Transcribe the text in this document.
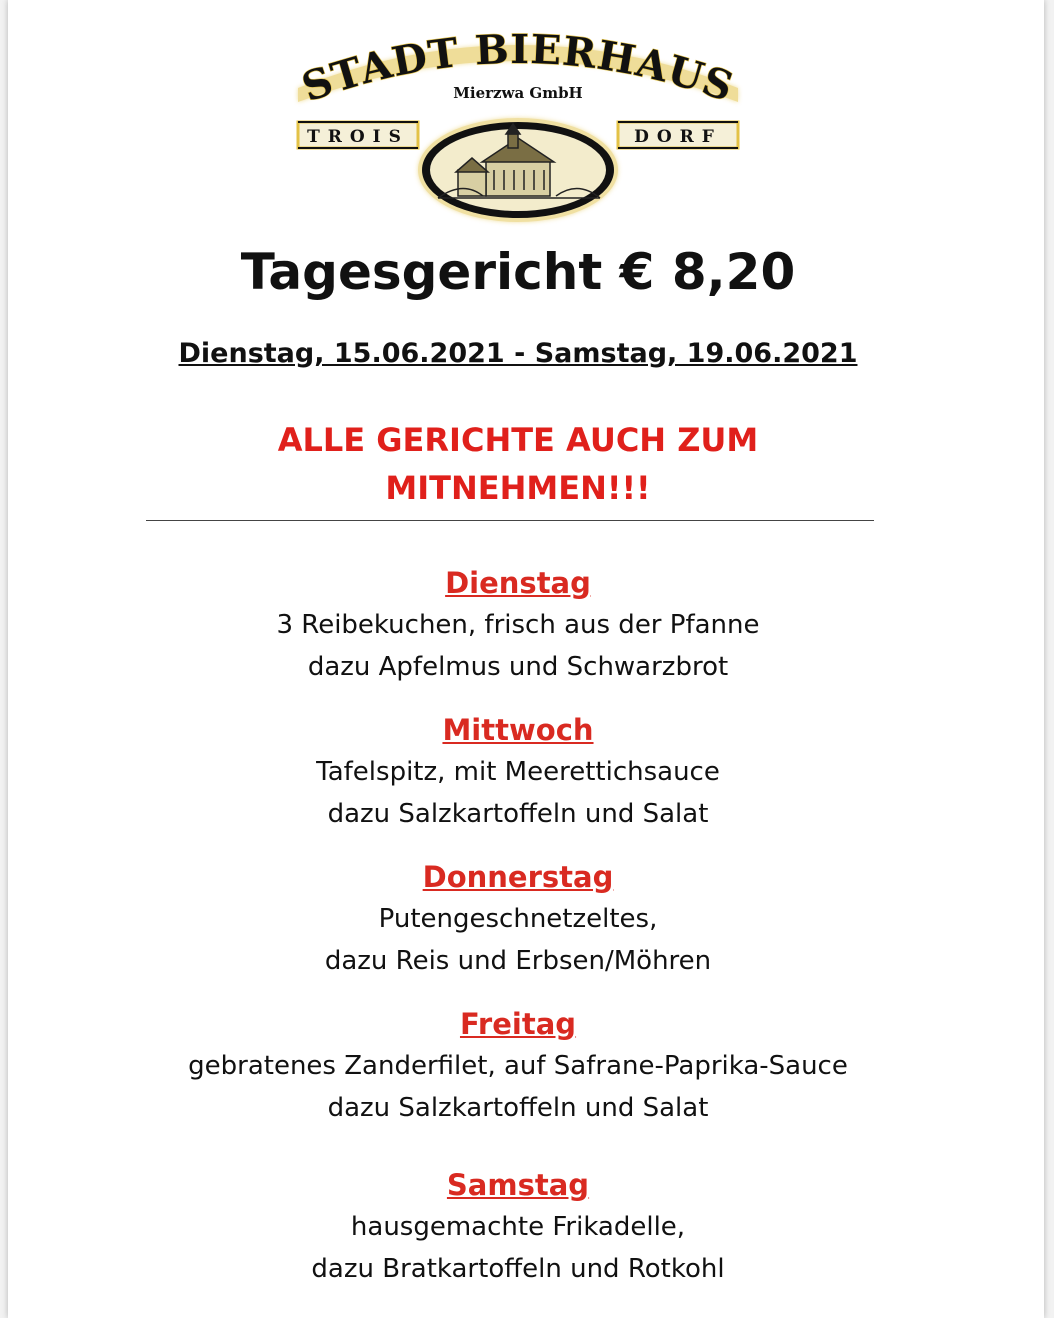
STADT BIERHAUS
Mierzwa GmbH
TROIS	DORF
Tagesgericht € 8,20
Dienstag, 15.06.2021 - Samstag, 19.06.2021
ALLE GERICHTE AUCH ZUM
MITNEHMEN!!!

Dienstag

3 Reibekuchen, frisch aus der Pfanne

dazu Apfelmus und Schwarzbrot

Mittwoch

Tafelspitz, mit Meerettichsauce

dazu Salzkartoffeln und Salat

Donnerstag

Putengeschnetzeltes,

dazu Reis und Erbsen/Möhren

Freitag

gebratenes Zanderfilet, auf Safrane-Paprika-Sauce

dazu Salzkartoffeln und Salat

Samstag

hausgemachte Frikadelle,

dazu Bratkartoffeln und Rotkohl
